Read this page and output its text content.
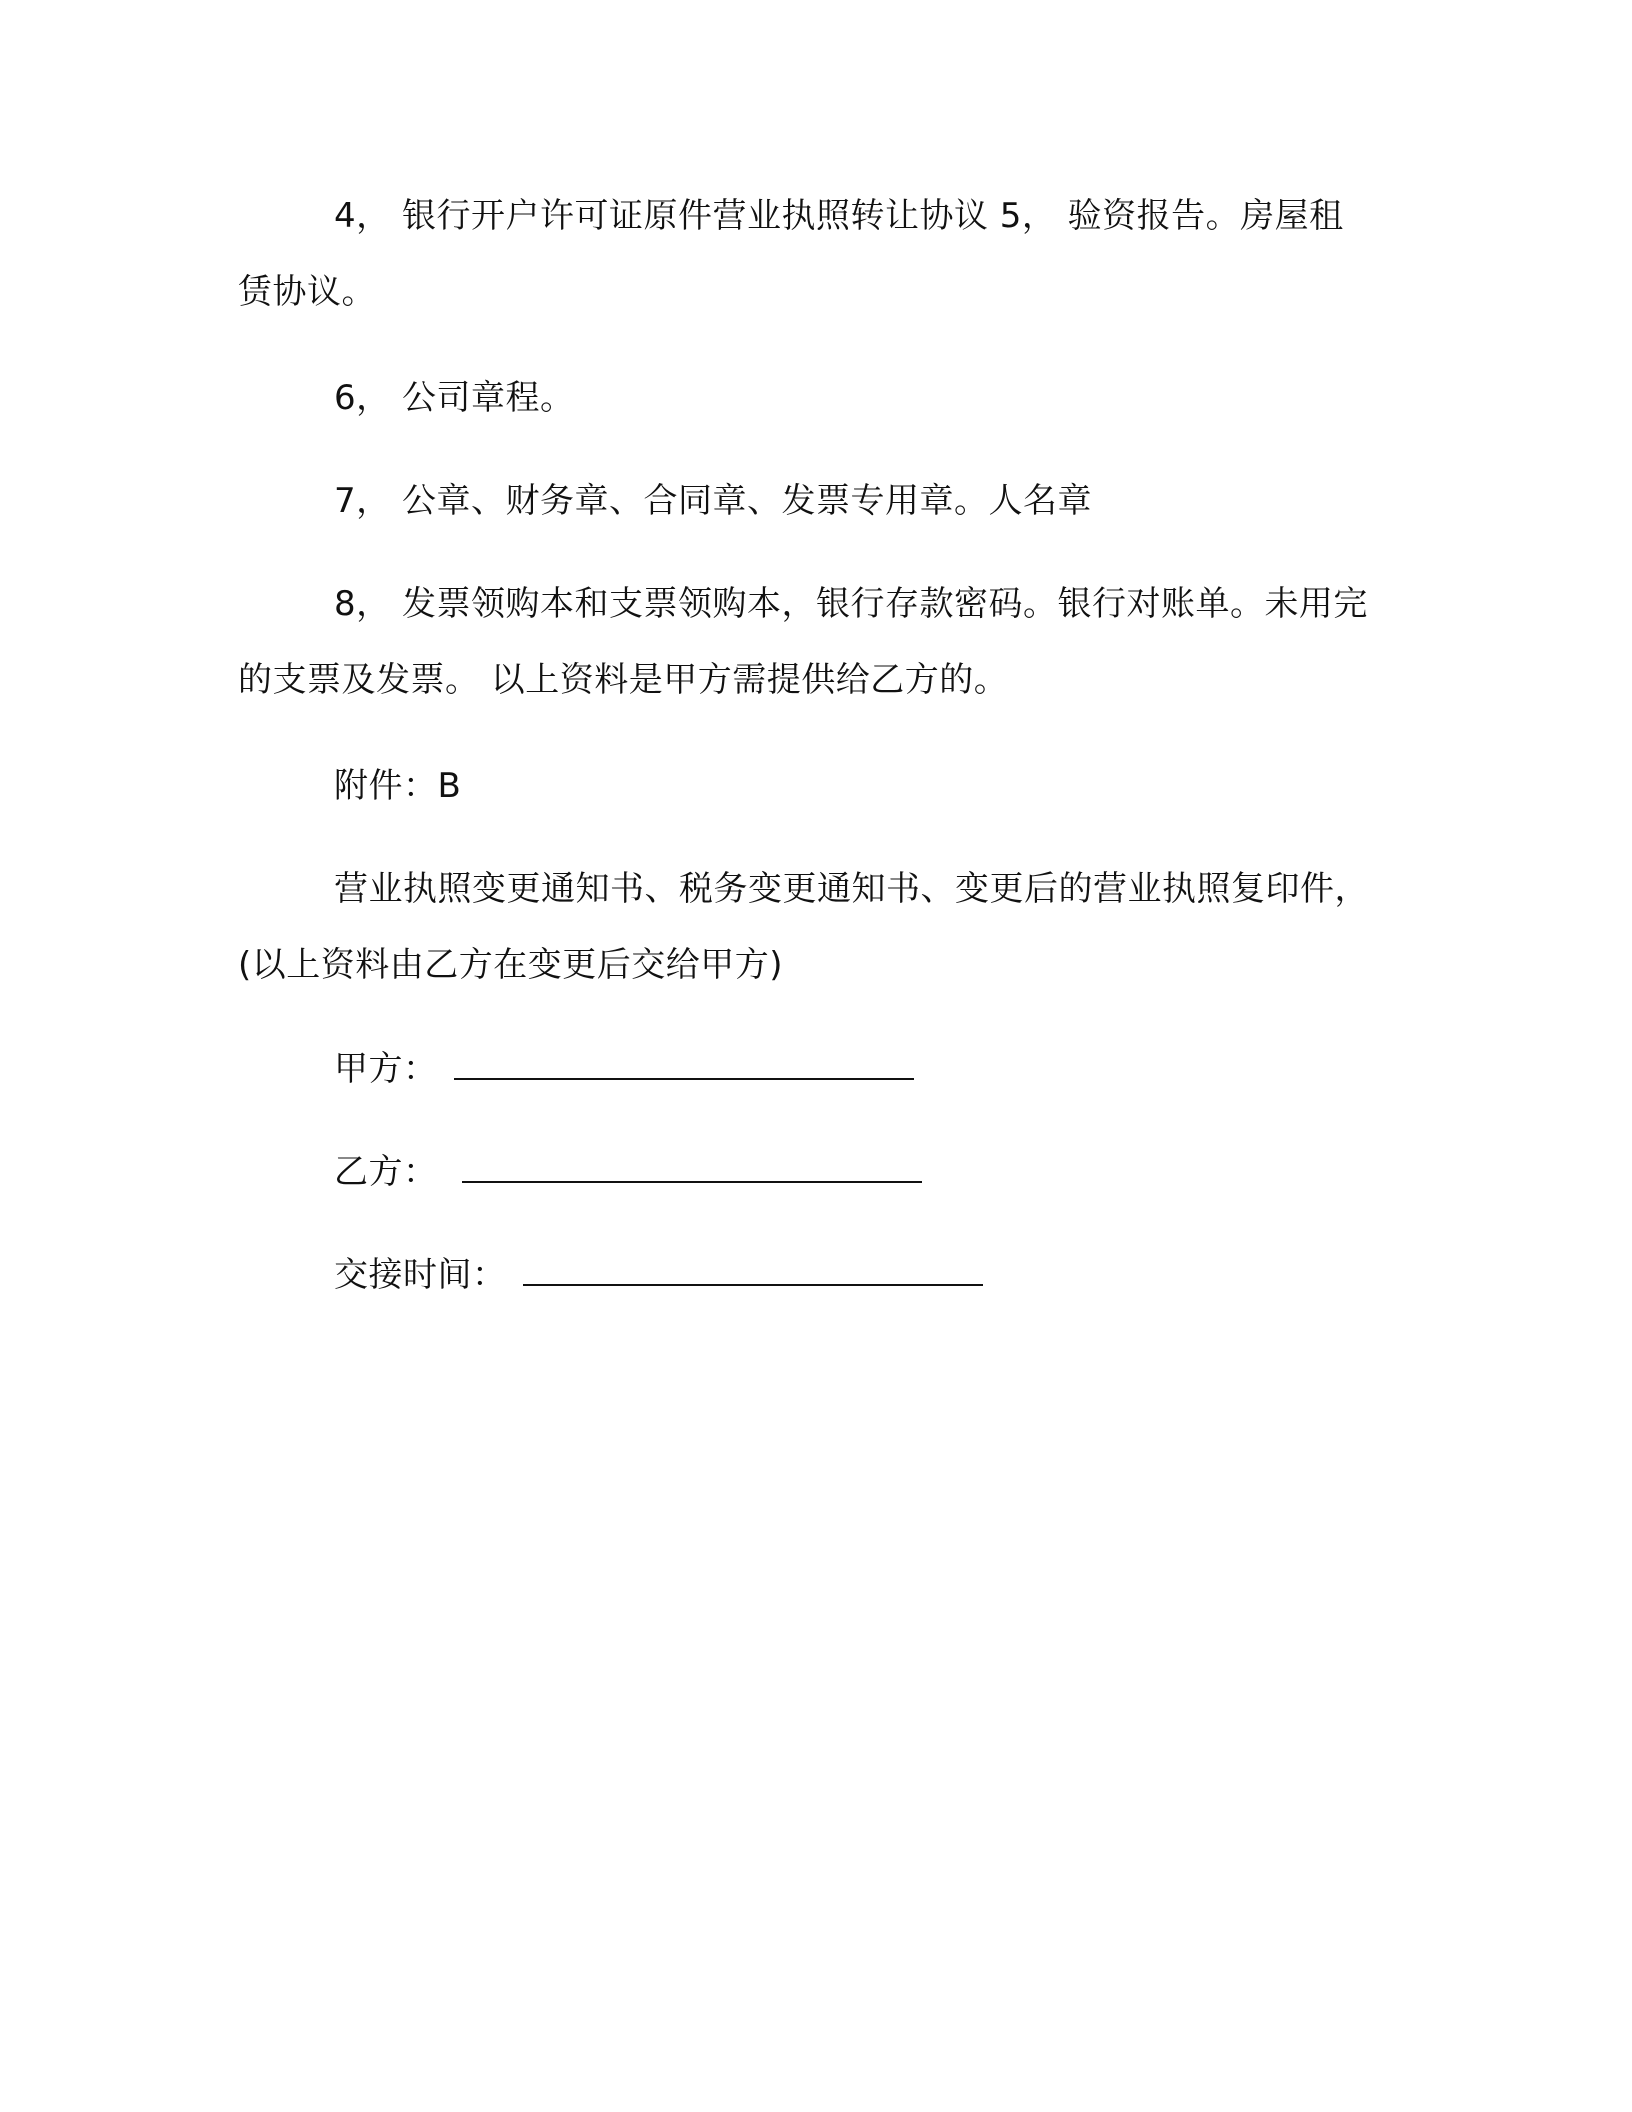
4， 银行开户许可证原件营业执照转让协议 5， 验资报告。房屋租赁协议。

6， 公司章程。

7， 公章、财务章、合同章、发票专用章。人名章

8， 发票领购本和支票领购本，银行存款密码。银行对账单。未用完的支票及发票。 以上资料是甲方需提供给乙方的。

附件：B

营业执照变更通知书、税务变更通知书、变更后的营业执照复印件，(以上资料由乙方在变更后交给甲方)

甲方：
乙方：
交接时间：
